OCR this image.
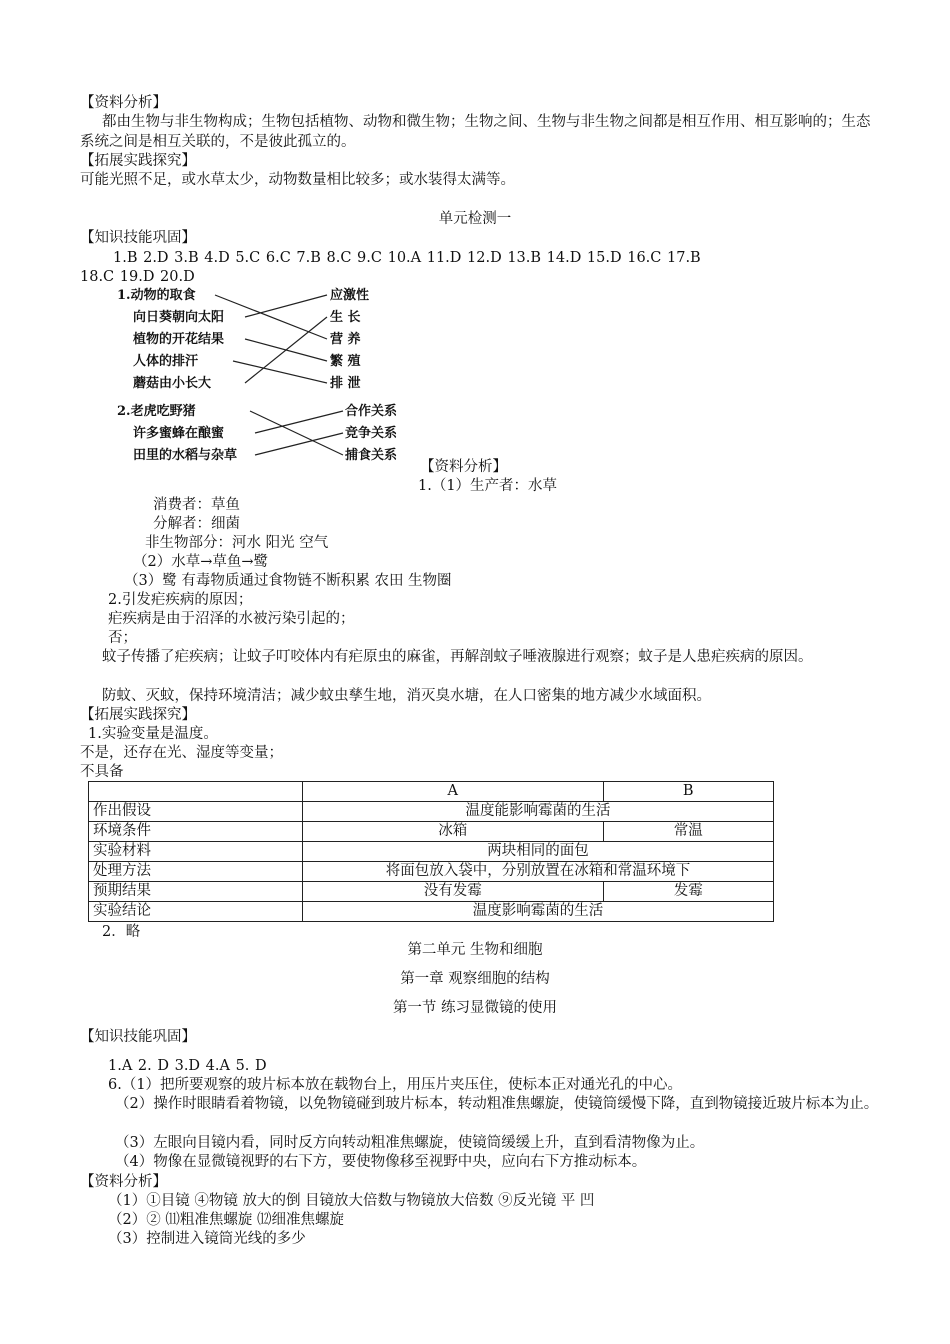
【资料分析】
都由生物与非生物构成；生物包括植物、动物和微生物；生物之间、生物与非生物之间都是相互作用、相互影响的；生态系统之间是相互关联的，不是彼此孤立的。
【拓展实践探究】
可能光照不足，或水草太少，动物数量相比较多；或水装得太满等。
单元检测一
【知识技能巩固】
1.B 2.D 3.B 4.D 5.C 6.C 7.B 8.C 9.C 10.A 11.D 12.D 13.B 14.D 15.D 16.C 17.B
18.C 19.D 20.D
1.动物的取食
向日葵朝向太阳
植物的开花结果
人体的排汗
蘑菇由小长大
应激性
生 长
营 养
繁 殖
排 泄
2.老虎吃野猪
许多蜜蜂在酿蜜
田里的水稻与杂草
合作关系
竞争关系
捕食关系
【资料分析】
1.（1）生产者：水草
消费者：草鱼
分解者：细菌
非生物部分：河水 阳光 空气
（2）水草→草鱼→鹭
（3）鹭 有毒物质通过食物链不断积累 农田 生物圈
2.引发疟疾病的原因；
疟疾病是由于沼泽的水被污染引起的；
否；
蚊子传播了疟疾病；让蚊子叮咬体内有疟原虫的麻雀，再解剖蚊子唾液腺进行观察；蚊子是人患疟疾病的原因。
防蚊、灭蚊，保持环境清洁；减少蚊虫孳生地，消灭臭水塘，在人口密集的地方减少水域面积。
【拓展实践探究】
1.实验变量是温度。
不是，还存在光、湿度等变量；
不具备
	A	B
作出假设	温度能影响霉菌的生活	
环境条件	冰箱	常温
实验材料	两块相同的面包	
处理方法	将面包放入袋中，分别放置在冰箱和常温环境下	
预期结果	没有发霉	发霉
实验结论	温度影响霉菌的生活	
2．略
第二单元 生物和细胞
第一章 观察细胞的结构
第一节 练习显微镜的使用
【知识技能巩固】
1.A 2. D 3.D 4.A 5. D
6.（1）把所要观察的玻片标本放在载物台上，用压片夹压住，使标本正对通光孔的中心。
（2）操作时眼睛看着物镜，以免物镜碰到玻片标本，转动粗准焦螺旋，使镜筒缓慢下降，直到物镜接近玻片标本为止。
（3）左眼向目镜内看，同时反方向转动粗准焦螺旋，使镜筒缓缓上升，直到看清物像为止。
（4）物像在显微镜视野的右下方，要使物像移至视野中央，应向右下方推动标本。
【资料分析】
（1）①目镜 ④物镜 放大的倒 目镜放大倍数与物镜放大倍数 ⑨反光镜 平 凹
（2）② ⑾粗准焦螺旋 ⑿细准焦螺旋
（3）控制进入镜筒光线的多少
